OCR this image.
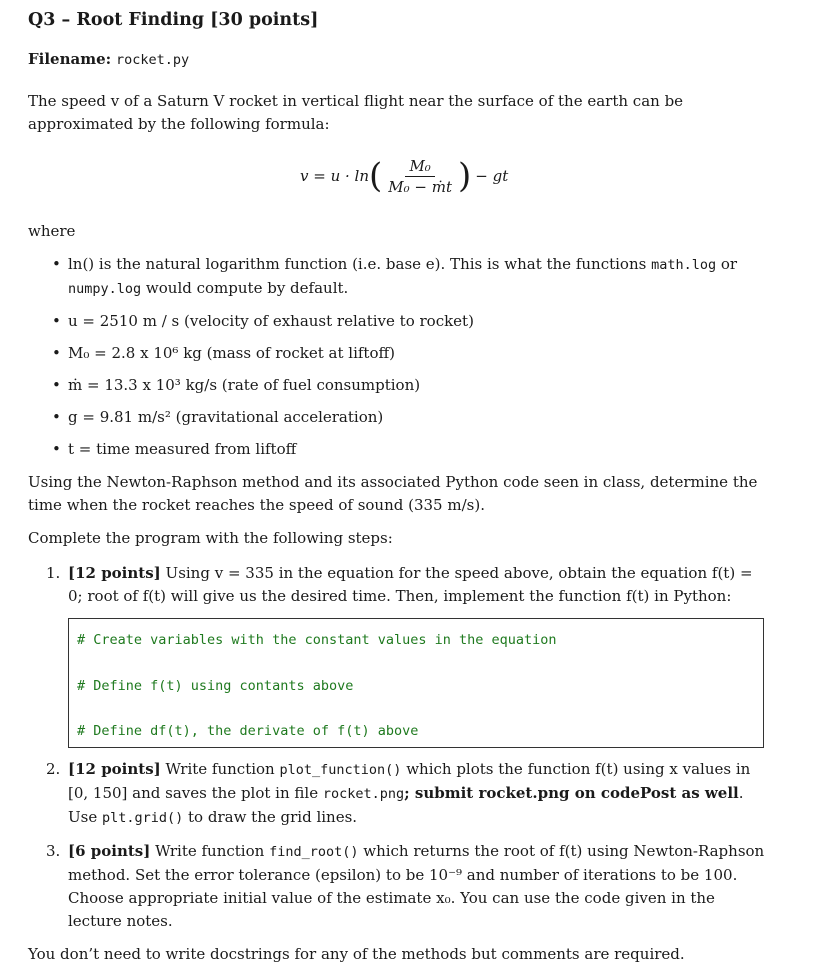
Q3 – Root Finding [30 points]
Filename: rocket.py

The speed v of a Saturn V rocket in vertical flight near the surface of the earth can be approximated by the following formula:

v = u · ln ( $\frac{\text{M₀}}{\text{M₀ − ṁt}}$ ) − gt

where

• ln() is the natural logarithm function (i.e. base e). This is what the functions math.log or numpy.log would compute by default.
• u = 2510 m / s (velocity of exhaust relative to rocket)
• M₀ = 2.8 x 10⁶ kg (mass of rocket at liftoff)
• ṁ = 13.3 x 10³ kg/s (rate of fuel consumption)
• g = 9.81 m/s² (gravitational acceleration)
• t = time measured from liftoff

Using the Newton-Raphson method and its associated Python code seen in class, determine the time when the rocket reaches the speed of sound (335 m/s).

Complete the program with the following steps:

1. [12 points] Using v = 335 in the equation for the speed above, obtain the equation f(t) = 0; root of f(t) will give us the desired time. Then, implement the function f(t) in Python:
# Create variables with the constant values in the equation
# Define f(t) using contants above
# Define df(t), the derivate of f(t) above
2. [12 points] Write function plot_function() which plots the function f(t) using x values in [0, 150] and saves the plot in file rocket.png; submit rocket.png on codePost as well. Use plt.grid() to draw the grid lines.
3. [6 points] Write function find_root() which returns the root of f(t) using Newton-Raphson method. Set the error tolerance (epsilon) to be 10⁻⁹ and number of iterations to be 100. Choose appropriate initial value of the estimate x₀. You can use the code given in the lecture notes.

You don’t need to write docstrings for any of the methods but comments are required.
